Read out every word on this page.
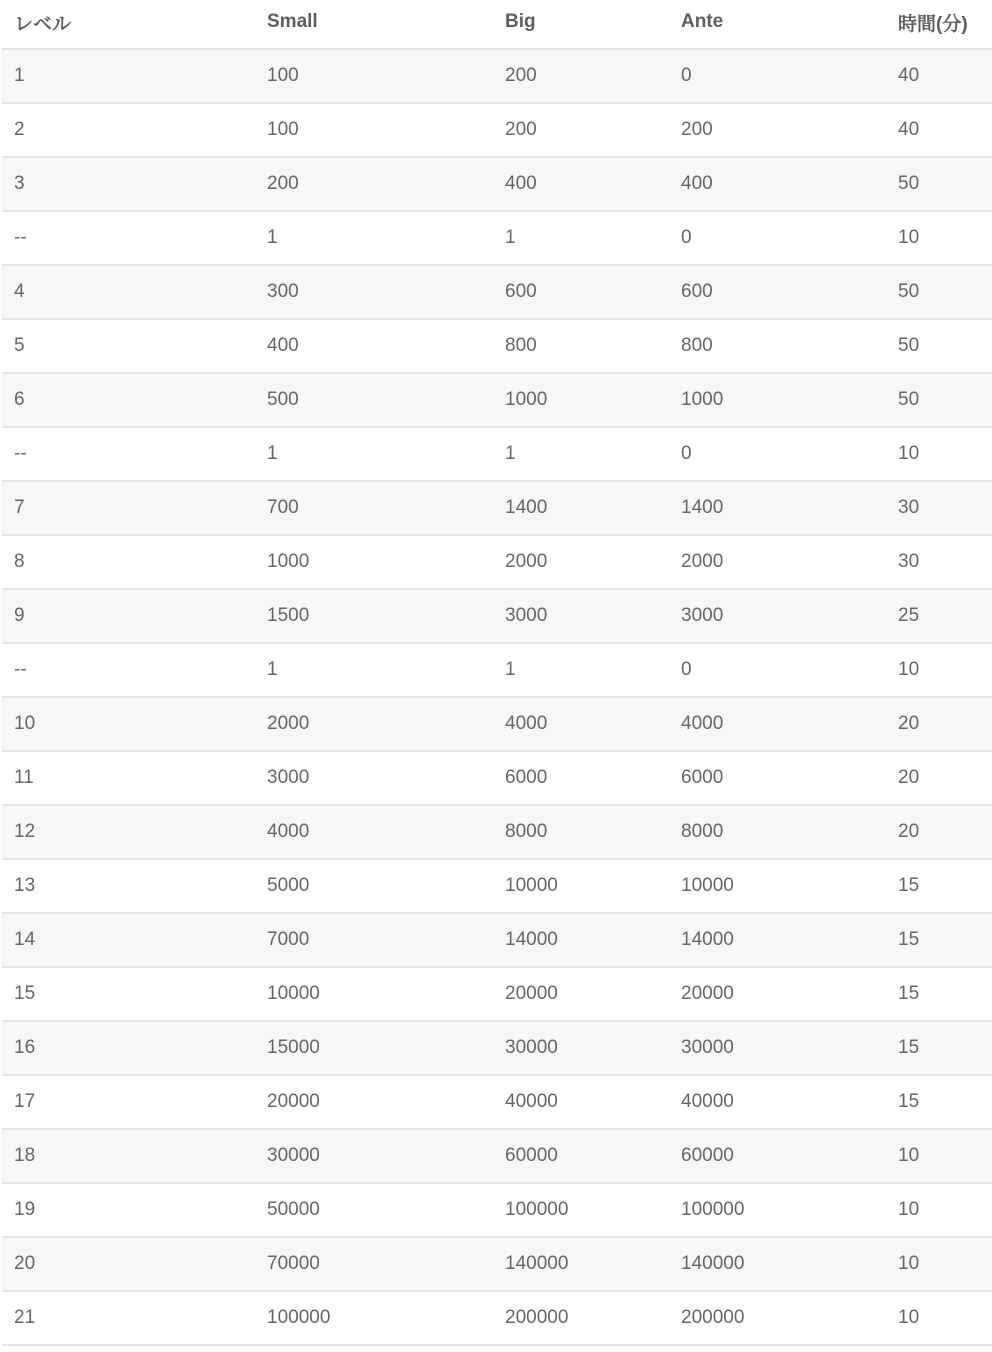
レベル	Small	Big	Ante	時間(分)
1	100	200	0	40
2	100	200	200	40
3	200	400	400	50
--	1	1	0	10
4	300	600	600	50
5	400	800	800	50
6	500	1000	1000	50
--	1	1	0	10
7	700	1400	1400	30
8	1000	2000	2000	30
9	1500	3000	3000	25
--	1	1	0	10
10	2000	4000	4000	20
11	3000	6000	6000	20
12	4000	8000	8000	20
13	5000	10000	10000	15
14	7000	14000	14000	15
15	10000	20000	20000	15
16	15000	30000	30000	15
17	20000	40000	40000	15
18	30000	60000	60000	10
19	50000	100000	100000	10
20	70000	140000	140000	10
21	100000	200000	200000	10
